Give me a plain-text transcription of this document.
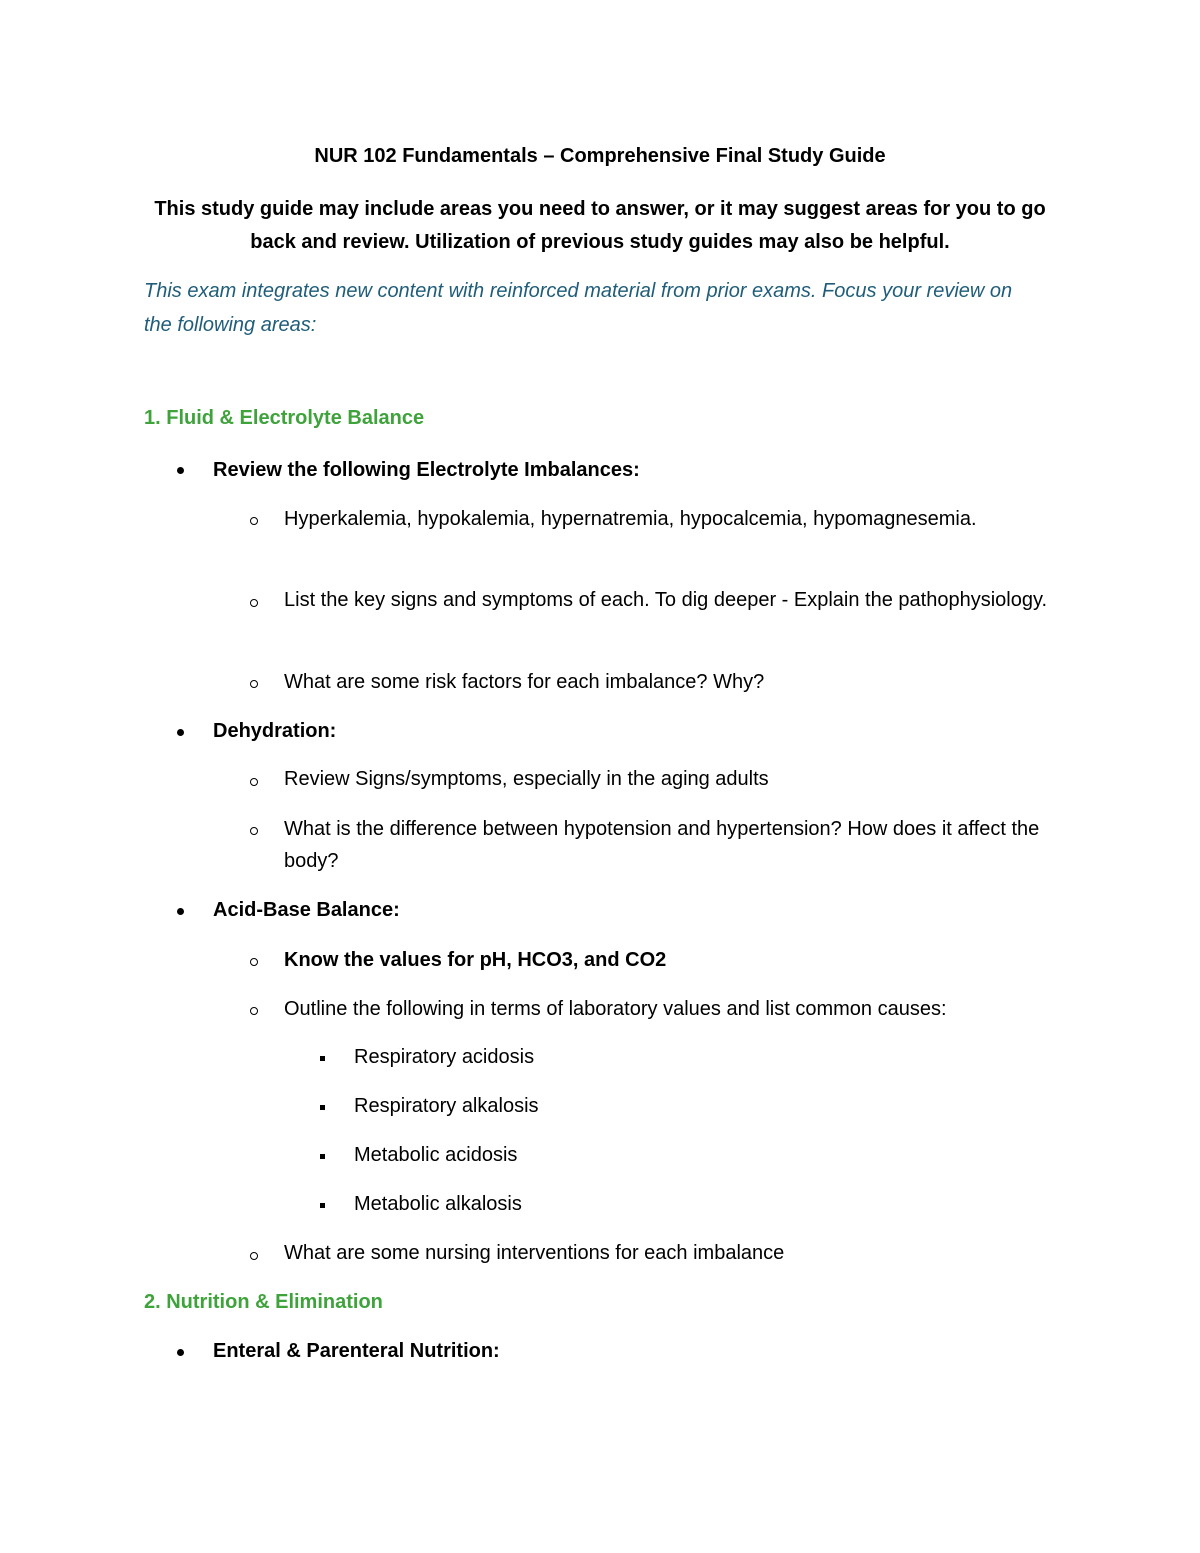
NUR 102 Fundamentals – Comprehensive Final Study Guide
This study guide may include areas you need to answer, or it may suggest areas for you to go back and review. Utilization of previous study guides may also be helpful.
This exam integrates new content with reinforced material from prior exams. Focus your review on the following areas:
1. Fluid & Electrolyte Balance
Review the following Electrolyte Imbalances:
Hyperkalemia, hypokalemia, hypernatremia, hypocalcemia, hypomagnesemia.
List the key signs and symptoms of each. To dig deeper - Explain the pathophysiology.
What are some risk factors for each imbalance? Why?
Dehydration:
Review Signs/symptoms, especially in the aging adults
What is the difference between hypotension and hypertension? How does it affect the body?
Acid-Base Balance:
Know the values for pH, HCO3, and CO2
Outline the following in terms of laboratory values and list common causes:
Respiratory acidosis
Respiratory alkalosis
Metabolic acidosis
Metabolic alkalosis
What are some nursing interventions for each imbalance
2. Nutrition & Elimination
Enteral & Parenteral Nutrition:
